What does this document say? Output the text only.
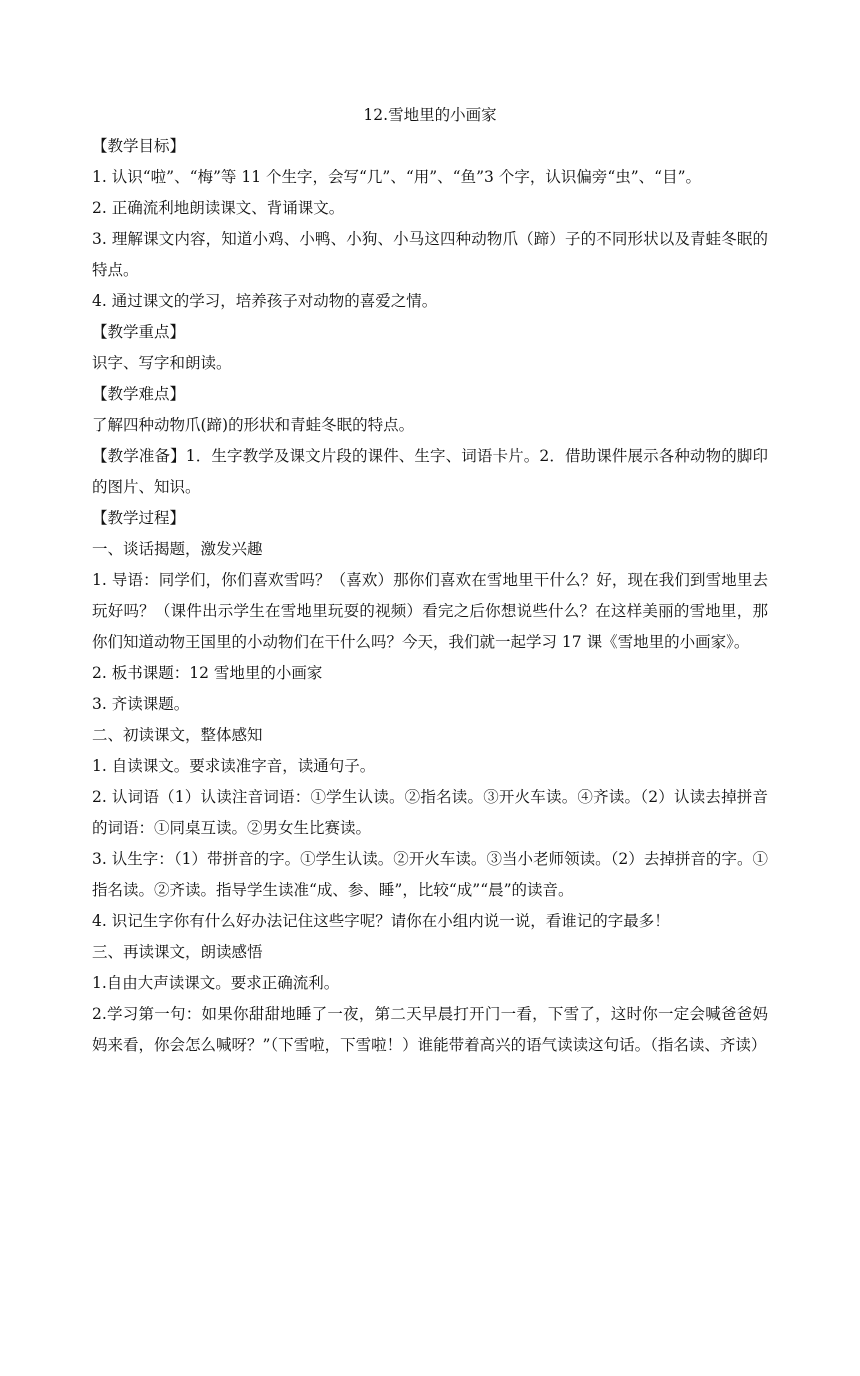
12.雪地里的小画家

【教学目标】

1. 认识“啦”、“梅”等 11 个生字，会写“几”、“用”、“鱼”3 个字，认识偏旁“虫”、“目”。

2. 正确流利地朗读课文、背诵课文。

3. 理解课文内容，知道小鸡、小鸭、小狗、小马这四种动物爪（蹄）子的不同形状以及青蛙冬眠的特点。

4. 通过课文的学习，培养孩子对动物的喜爱之情。

【教学重点】

识字、写字和朗读。

【教学难点】

了解四种动物爪(蹄)的形状和青蛙冬眠的特点。

【教学准备】1．生字教学及课文片段的课件、生字、词语卡片。2．借助课件展示各种动物的脚印的图片、知识。

【教学过程】

一、谈话揭题，激发兴趣

1. 导语：同学们，你们喜欢雪吗？（喜欢）那你们喜欢在雪地里干什么？好，现在我们到雪地里去玩好吗？（课件出示学生在雪地里玩耍的视频）看完之后你想说些什么？在这样美丽的雪地里，那你们知道动物王国里的小动物们在干什么吗？今天，我们就一起学习 17 课《雪地里的小画家》。

2. 板书课题：12 雪地里的小画家

3. 齐读课题。

二、初读课文，整体感知

1. 自读课文。要求读准字音，读通句子。

2. 认词语（1）认读注音词语：①学生认读。②指名读。③开火车读。④齐读。（2）认读去掉拼音的词语：①同桌互读。②男女生比赛读。

3. 认生字：（1）带拼音的字。①学生认读。②开火车读。③当小老师领读。（2）去掉拼音的字。①指名读。②齐读。指导学生读准“成、参、睡”，比较“成”“晨”的读音。

4. 识记生字你有什么好办法记住这些字呢？请你在小组内说一说，看谁记的字最多！

三、再读课文，朗读感悟

1.自由大声读课文。要求正确流利。

2.学习第一句：如果你甜甜地睡了一夜，第二天早晨打开门一看，下雪了，这时你一定会喊爸爸妈妈来看，你会怎么喊呀？”（下雪啦，下雪啦！）谁能带着高兴的语气读读这句话。（指名读、齐读）
